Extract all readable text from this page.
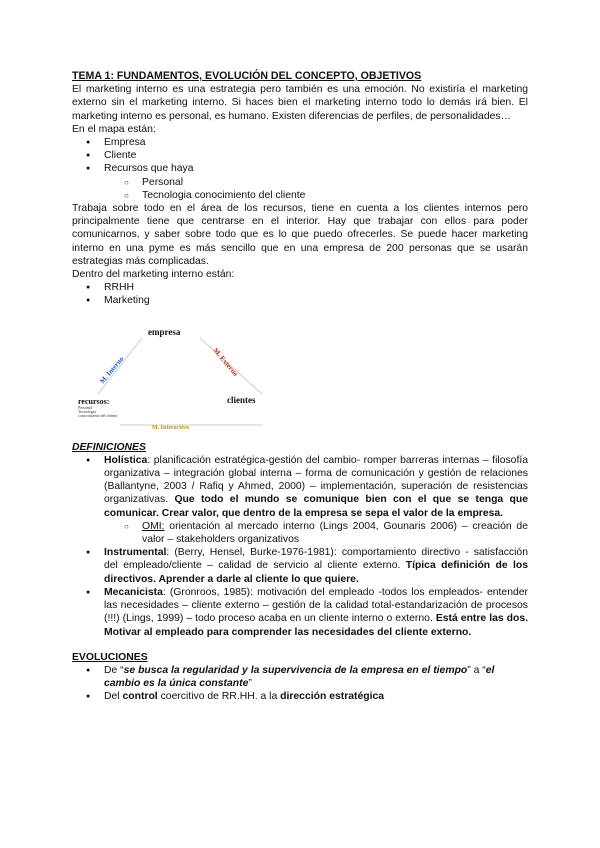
TEMA 1: FUNDAMENTOS, EVOLUCIÓN DEL CONCEPTO, OBJETIVOS

El marketing interno es una estrategia pero también es una emoción. No existiría el marketing externo sin el marketing interno. Si haces bien el marketing interno todo lo demás irá bien. El marketing interno es personal, es humano. Existen diferencias de perfiles, de personalidades…

En el mapa están:
● Empresa
● Cliente
● Recursos que haya
○ Personal
○ Tecnologia conocimiento del cliente

Trabaja sobre todo en el área de los recursos, tiene en cuenta a los clientes internos pero principalmente tiene que centrarse en el interior. Hay que trabajar con ellos para poder comunicarnos, y saber sobre todo que es lo que puedo ofrecerles. Se puede hacer marketing interno en una pyme es más sencillo que en una empresa de 200 personas que se usarán estrategias más complicadas.

Dentro del marketing interno están:
● RRHH
● Marketing
empresa
M. Interno	M. Externo
recursos:
Personal
Tecnología
conocimiento del cliente
clientes
M. Interactivo
DEFINICIONES
● Holística: planificación estratégica-gestión del cambio- romper barreras internas – filosofía organizativa – integración global interna – forma de comunicación y gestión de relaciones (Ballantyne, 2003 / Rafiq y Ahmed, 2000) – implementación, superación de resistencias organizativas. Que todo el mundo se comunique bien con el que se tenga que comunicar. Crear valor, que dentro de la empresa se sepa el valor de la empresa.
○ OMI: orientación al mercado interno (Lings 2004, Gounaris 2006) – creación de valor – stakeholders organizativos
● Instrumental: (Berry, Hensel, Burke-1976-1981): comportamiento directivo - satisfacción del empleado/cliente – calidad de servicio al cliente externo. Típica definición de los directivos. Aprender a darle al cliente lo que quiere.
● Mecanicista: (Gronroos, 1985): motivación del empleado -todos los empleados- entender las necesidades – cliente externo – gestión de la calidad total-estandarización de procesos (!!!) (Lings, 1999) – todo proceso acaba en un cliente interno o externo. Está entre las dos. Motivar al empleado para comprender las necesidades del cliente externo.
EVOLUCIONES
● De “se busca la regularidad y la supervivencia de la empresa en el tiempo” a “el cambio es la única constante”
● Del control coercitivo de RR.HH. a la dirección estratégica
